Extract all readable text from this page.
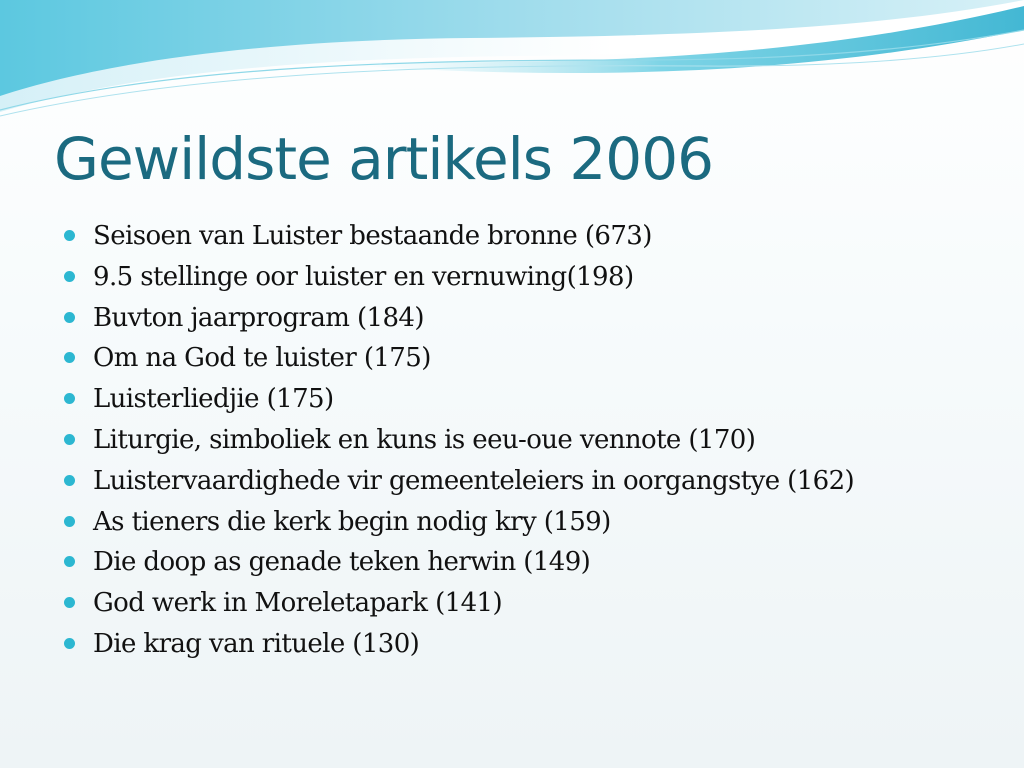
Gewildste artikels 2006
Seisoen van Luister bestaande bronne (673)
9.5 stellinge oor luister en vernuwing(198)
Buvton jaarprogram (184)
Om na God te luister (175)
Luisterliedjie (175)
Liturgie, simboliek en kuns is eeu-oue vennote (170)
Luistervaardighede vir gemeenteleiers in oorgangstye (162)
As tieners die kerk begin nodig kry (159)
Die doop as genade teken herwin (149)
God werk in Moreletapark (141)
Die krag van rituele (130)
